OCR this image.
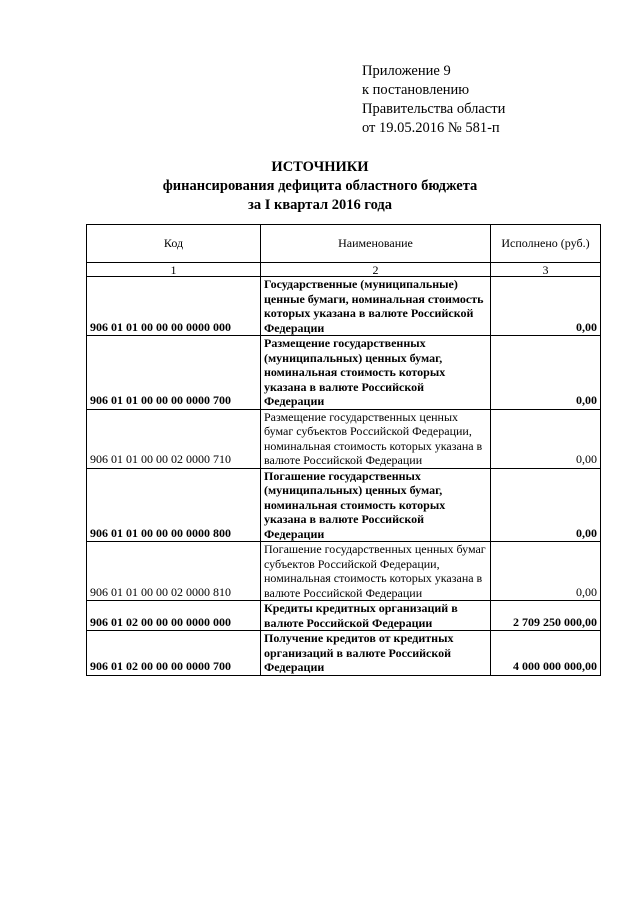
Приложение 9
к постановлению
Правительства области
от 19.05.2016 № 581-п
ИСТОЧНИКИ
финансирования дефицита областного бюджета
за I квартал 2016 года
Код	Наименование	Исполнено (руб.)
1	2	3
906 01 01 00 00 00 0000 000	Государственные (муниципальные) ценные бумаги, номинальная стоимость которых указана в валюте Российской Федерации	0,00
906 01 01 00 00 00 0000 700	Размещение государственных (муниципальных) ценных бумаг, номинальная стоимость которых указана в валюте Российской Федерации	0,00
906 01 01 00 00 02 0000 710	Размещение государственных ценных бумаг субъектов Российской Федерации, номинальная стоимость которых указана в валюте Российской Федерации	0,00
906 01 01 00 00 00 0000 800	Погашение государственных (муниципальных) ценных бумаг, номинальная стоимость которых указана в валюте Российской Федерации	0,00
906 01 01 00 00 02 0000 810	Погашение государственных ценных бумаг субъектов Российской Федерации, номинальная стоимость которых указана в валюте Российской Федерации	0,00
906 01 02 00 00 00 0000 000	Кредиты кредитных организаций в валюте Российской Федерации	2 709 250 000,00
906 01 02 00 00 00 0000 700	Получение кредитов от кредитных организаций в валюте Российской Федерации	4 000 000 000,00
